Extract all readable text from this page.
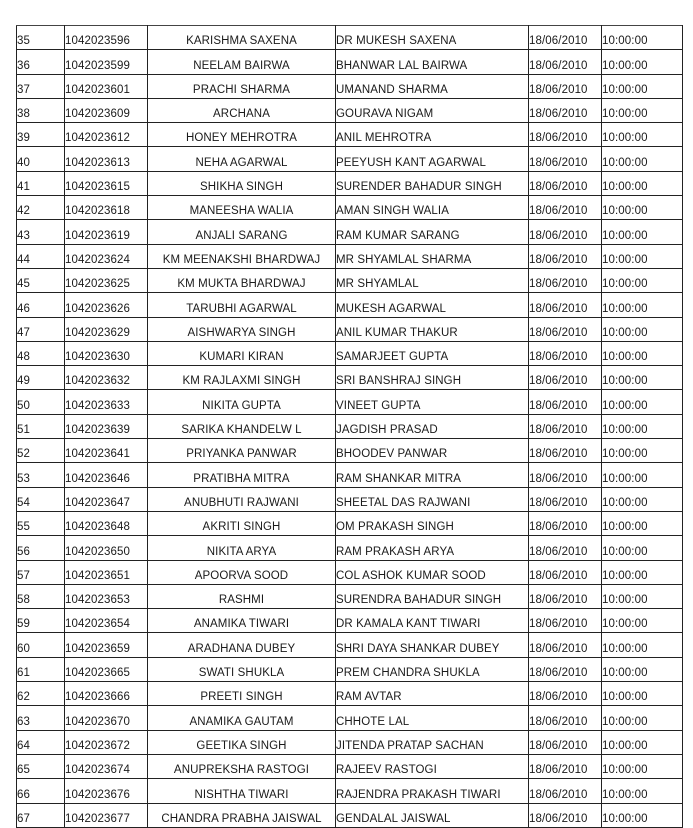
35	1042023596	KARISHMA SAXENA	DR MUKESH SAXENA	18/06/2010	10:00:00
36	1042023599	NEELAM BAIRWA	BHANWAR LAL BAIRWA	18/06/2010	10:00:00
37	1042023601	PRACHI SHARMA	UMANAND SHARMA	18/06/2010	10:00:00
38	1042023609	ARCHANA	GOURAVA NIGAM	18/06/2010	10:00:00
39	1042023612	HONEY MEHROTRA	ANIL MEHROTRA	18/06/2010	10:00:00
40	1042023613	NEHA AGARWAL	PEEYUSH KANT AGARWAL	18/06/2010	10:00:00
41	1042023615	SHIKHA SINGH	SURENDER BAHADUR SINGH	18/06/2010	10:00:00
42	1042023618	MANEESHA WALIA	AMAN SINGH WALIA	18/06/2010	10:00:00
43	1042023619	ANJALI SARANG	RAM KUMAR SARANG	18/06/2010	10:00:00
44	1042023624	KM MEENAKSHI BHARDWAJ	MR SHYAMLAL SHARMA	18/06/2010	10:00:00
45	1042023625	KM MUKTA BHARDWAJ	MR SHYAMLAL	18/06/2010	10:00:00
46	1042023626	TARUBHI AGARWAL	MUKESH AGARWAL	18/06/2010	10:00:00
47	1042023629	AISHWARYA SINGH	ANIL KUMAR THAKUR	18/06/2010	10:00:00
48	1042023630	KUMARI KIRAN	SAMARJEET GUPTA	18/06/2010	10:00:00
49	1042023632	KM RAJLAXMI SINGH	SRI BANSHRAJ SINGH	18/06/2010	10:00:00
50	1042023633	NIKITA GUPTA	VINEET GUPTA	18/06/2010	10:00:00
51	1042023639	SARIKA KHANDELW L	JAGDISH PRASAD	18/06/2010	10:00:00
52	1042023641	PRIYANKA PANWAR	BHOODEV PANWAR	18/06/2010	10:00:00
53	1042023646	PRATIBHA MITRA	RAM SHANKAR MITRA	18/06/2010	10:00:00
54	1042023647	ANUBHUTI RAJWANI	SHEETAL DAS RAJWANI	18/06/2010	10:00:00
55	1042023648	AKRITI SINGH	OM PRAKASH SINGH	18/06/2010	10:00:00
56	1042023650	NIKITA ARYA	RAM PRAKASH ARYA	18/06/2010	10:00:00
57	1042023651	APOORVA SOOD	COL ASHOK KUMAR SOOD	18/06/2010	10:00:00
58	1042023653	RASHMI	SURENDRA BAHADUR SINGH	18/06/2010	10:00:00
59	1042023654	ANAMIKA TIWARI	DR KAMALA KANT TIWARI	18/06/2010	10:00:00
60	1042023659	ARADHANA DUBEY	SHRI DAYA SHANKAR DUBEY	18/06/2010	10:00:00
61	1042023665	SWATI SHUKLA	PREM CHANDRA SHUKLA	18/06/2010	10:00:00
62	1042023666	PREETI SINGH	RAM AVTAR	18/06/2010	10:00:00
63	1042023670	ANAMIKA GAUTAM	CHHOTE LAL	18/06/2010	10:00:00
64	1042023672	GEETIKA SINGH	JITENDA PRATAP SACHAN	18/06/2010	10:00:00
65	1042023674	ANUPREKSHA RASTOGI	RAJEEV RASTOGI	18/06/2010	10:00:00
66	1042023676	NISHTHA TIWARI	RAJENDRA PRAKASH TIWARI	18/06/2010	10:00:00
67	1042023677	CHANDRA PRABHA JAISWAL	GENDALAL JAISWAL	18/06/2010	10:00:00
